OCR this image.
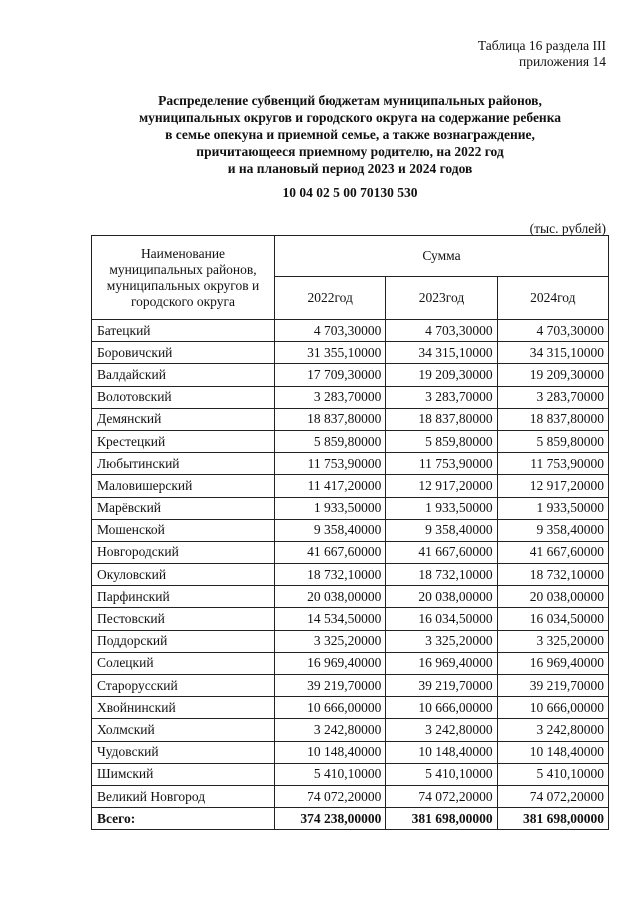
Таблица 16 раздела III
приложения 14
Распределение субвенций бюджетам муниципальных районов,
муниципальных округов и городского округа на содержание ребенка
в семье опекуна и приемной семье, а также вознаграждение,
причитающееся приемному родителю, на 2022 год
и на плановый период 2023 и 2024 годов
10 04 02 5 00 70130 530
(тыс. рублей)
Наименование муниципальных районов, муниципальных округов и городского округа	Сумма		
	2022год	2023год	2024год
Батецкий	4 703,30000	4 703,30000	4 703,30000
Боровичский	31 355,10000	34 315,10000	34 315,10000
Валдайский	17 709,30000	19 209,30000	19 209,30000
Волотовский	3 283,70000	3 283,70000	3 283,70000
Демянский	18 837,80000	18 837,80000	18 837,80000
Крестецкий	5 859,80000	5 859,80000	5 859,80000
Любытинский	11 753,90000	11 753,90000	11 753,90000
Маловишерский	11 417,20000	12 917,20000	12 917,20000
Марёвский	1 933,50000	1 933,50000	1 933,50000
Мошенской	9 358,40000	9 358,40000	9 358,40000
Новгородский	41 667,60000	41 667,60000	41 667,60000
Окуловский	18 732,10000	18 732,10000	18 732,10000
Парфинский	20 038,00000	20 038,00000	20 038,00000
Пестовский	14 534,50000	16 034,50000	16 034,50000
Поддорский	3 325,20000	3 325,20000	3 325,20000
Солецкий	16 969,40000	16 969,40000	16 969,40000
Старорусский	39 219,70000	39 219,70000	39 219,70000
Хвойнинский	10 666,00000	10 666,00000	10 666,00000
Холмский	3 242,80000	3 242,80000	3 242,80000
Чудовский	10 148,40000	10 148,40000	10 148,40000
Шимский	5 410,10000	5 410,10000	5 410,10000
Великий Новгород	74 072,20000	74 072,20000	74 072,20000
Всего:	374 238,00000	381 698,00000	381 698,00000
